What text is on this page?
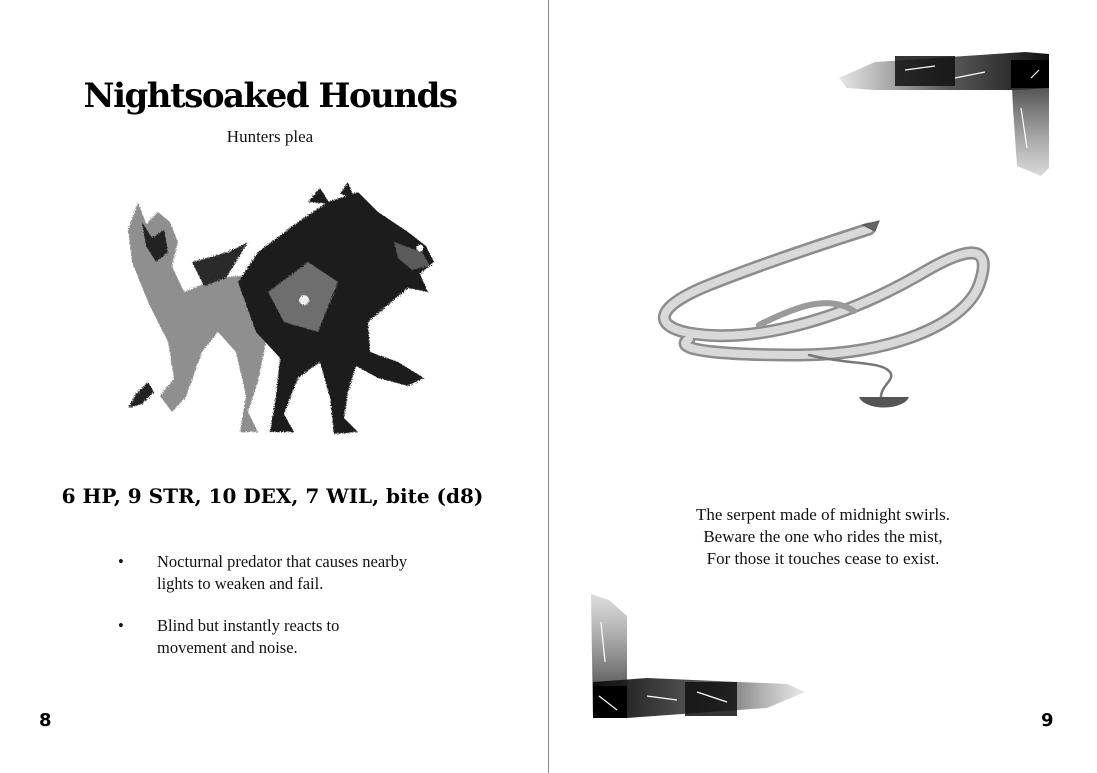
Nightsoaked Hounds
Hunters plea
6 HP, 9 STR, 10 DEX, 7 WIL, bite (d8)
• Nocturnal predator that causes nearby lights to weaken and fail.
• Blind but instantly reacts to movement and noise.
8
The serpent made of midnight swirls.
Beware the one who rides the mist,
For those it touches cease to exist.
9
